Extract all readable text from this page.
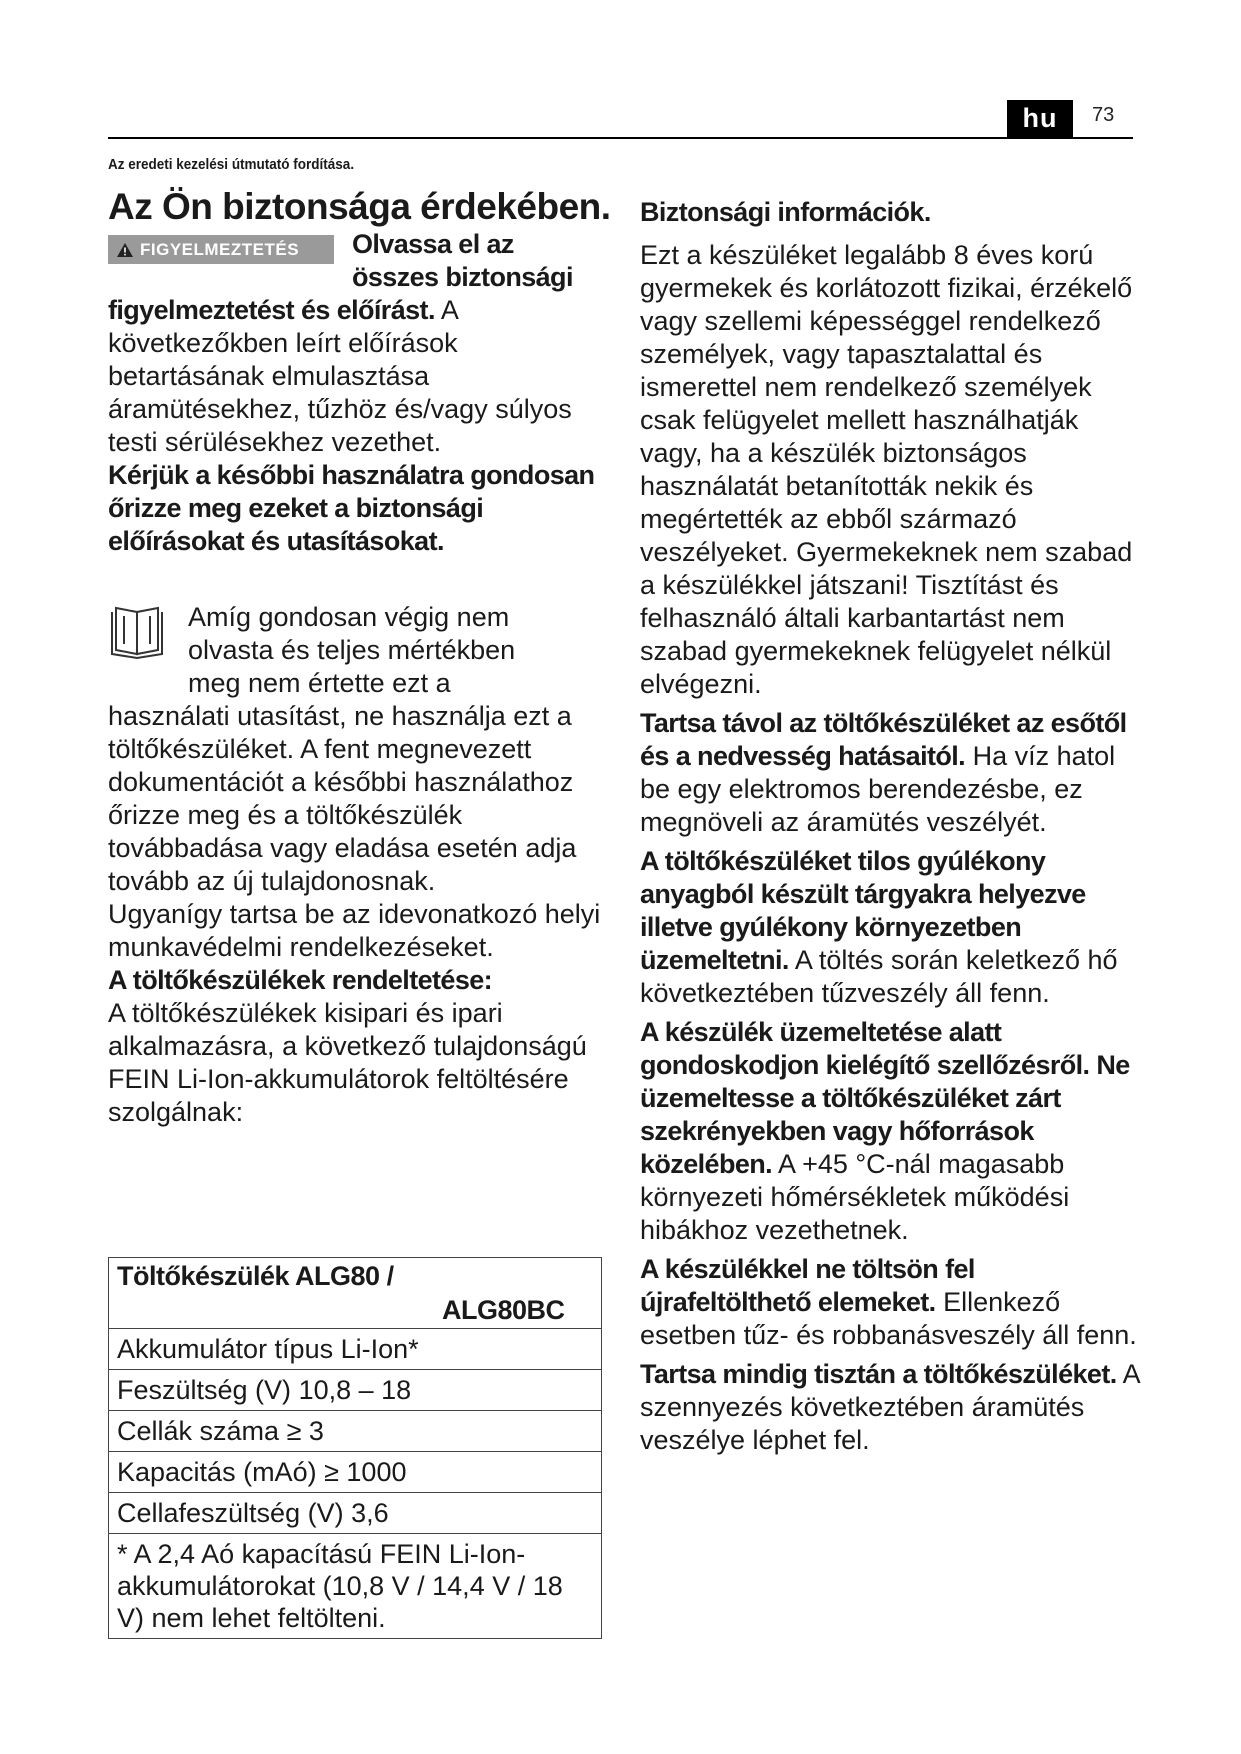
hu	73
Az eredeti kezelési útmutató fordítása.
Az Ön biztonsága érdekében.
FIGYELMEZTETÉS Olvassa el az

összes biztonsági

figyelmeztetést és előírást. A következőkben leírt előírások betartásának elmulasztása áramütésekhez, tűzhöz és/vagy súlyos testi sérülésekhez vezethet.

Kérjük a későbbi használatra gondosan őrizze meg ezeket a biztonsági előírásokat és utasításokat.

Amíg gondosan végig nem

olvasta és teljes mértékben

meg nem értette ezt a

használati utasítást, ne használja ezt a töltőkészüléket. A fent megnevezett dokumentációt a későbbi használathoz őrizze meg és a töltőkészülék továbbadása vagy eladása esetén adja tovább az új tulajdonosnak.

Ugyanígy tartsa be az idevonatkozó helyi munkavédelmi rendelkezéseket.

A töltőkészülékek rendeltetése:

A töltőkészülékek kisipari és ipari alkalmazásra, a következő tulajdonságú FEIN Li-Ion-akkumulátorok feltöltésére szolgálnak:

Töltőkészülék ALG80 /
ALG80BC

Akkumulátor típus Li-Ion*
Feszültség (V) 10,8 – 18
Cellák száma ≥ 3
Kapacitás (mAó) ≥ 1000
Cellafeszültség (V) 3,6
* A 2,4 Aó kapacítású FEIN Li-Ion-akkumulátorokat (10,8 V / 14,4 V / 18 V) nem lehet feltölteni.

Biztonsági információk.

Ezt a készüléket legalább 8 éves korú gyermekek és korlátozott fizikai, érzékelő vagy szellemi képességgel rendelkező személyek, vagy tapasztalattal és ismerettel nem rendelkező személyek csak felügyelet mellett használhatják vagy, ha a készülék biztonságos használatát betanították nekik és megértették az ebből származó veszélyeket. Gyermekeknek nem szabad a készülékkel játszani! Tisztítást és felhasználó általi karbantartást nem szabad gyermekeknek felügyelet nélkül elvégezni.

Tartsa távol az töltőkészüléket az esőtől és a nedvesség hatásaitól. Ha víz hatol be egy elektromos berendezésbe, ez megnöveli az áramütés veszélyét.

A töltőkészüléket tilos gyúlékony anyagból készült tárgyakra helyezve illetve gyúlékony környezetben üzemeltetni. A töltés során keletkező hő következtében tűzveszély áll fenn.

A készülék üzemeltetése alatt gondoskodjon kielégítő szellőzésről. Ne üzemeltesse a töltőkészüléket zárt szekrényekben vagy hőforrások közelében. A +45 °C-nál magasabb környezeti hőmérsékletek működési hibákhoz vezethetnek.

A készülékkel ne töltsön fel újrafeltölthető elemeket. Ellenkező esetben tűz- és robbanásveszély áll fenn.

Tartsa mindig tisztán a töltőkészüléket. A szennyezés következtében áramütés veszélye léphet fel.
